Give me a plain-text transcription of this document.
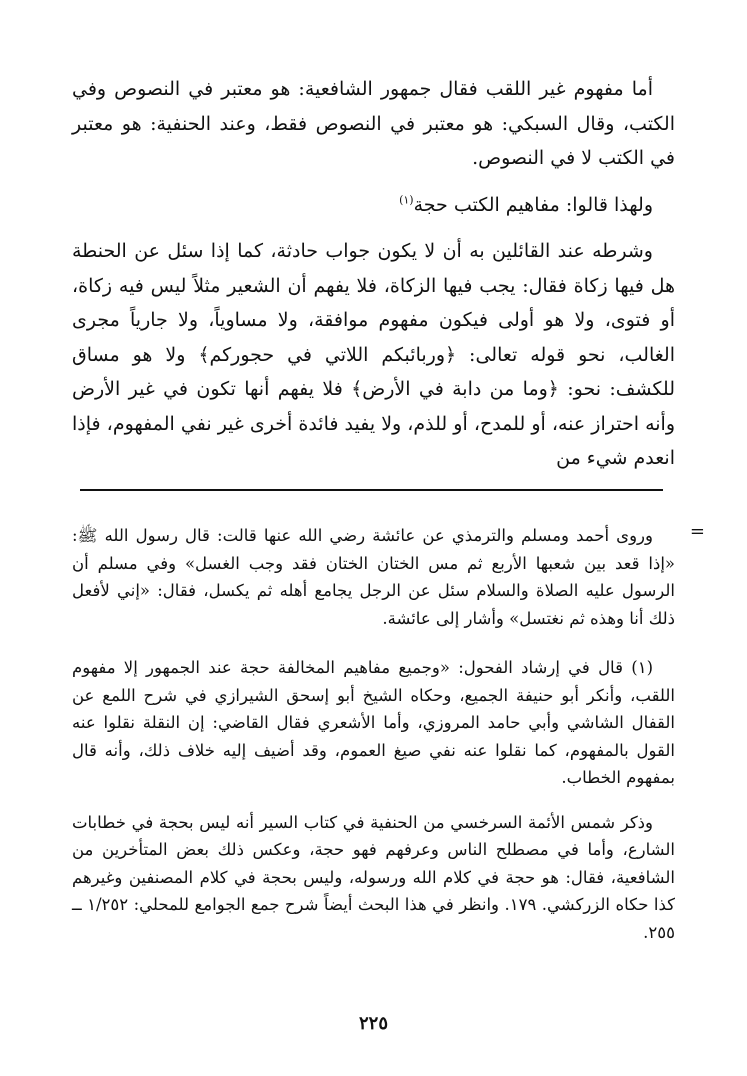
أما مفهوم غير اللقب فقال جمهور الشافعية: هو معتبر في النصوص وفي الكتب، وقال السبكي: هو معتبر في النصوص فقط، وعند الحنفية: هو معتبر في الكتب لا في النصوص.

ولهذا قالوا: مفاهيم الكتب حجة$^{(١)}$

وشرطه عند القائلين به أن لا يكون جواب حادثة، كما إذا سئل عن الحنطة هل فيها زكاة فقال: يجب فيها الزكاة، فلا يفهم أن الشعير مثلاً ليس فيه زكاة، أو فتوى، ولا هو أولى فيكون مفهوم موافقة، ولا مساوياً، ولا جارياً مجرى الغالب، نحو قوله تعالى: ﴿وربائبكم اللاتي في حجوركم﴾ ولا هو مساق للكشف: نحو: ﴿وما من دابة في الأرض﴾ فلا يفهم أنها تكون في غير الأرض وأنه احتراز عنه، أو للمدح، أو للذم، ولا يفيد فائدة أخرى غير نفي المفهوم، فإذا انعدم شيء من

=

وروى أحمد ومسلم والترمذي عن عائشة رضي الله عنها قالت: قال رسول الله ﷺ: «إذا قعد بين شعبها الأربع ثم مس الختان الختان فقد وجب الغسل» وفي مسلم أن الرسول عليه الصلاة والسلام سئل عن الرجل يجامع أهله ثم يكسل، فقال: «إني لأفعل ذلك أنا وهذه ثم نغتسل» وأشار إلى عائشة.

(١) قال في إرشاد الفحول: «وجميع مفاهيم المخالفة حجة عند الجمهور إلا مفهوم اللقب، وأنكر أبو حنيفة الجميع، وحكاه الشيخ أبو إسحق الشيرازي في شرح اللمع عن القفال الشاشي وأبي حامد المروزي، وأما الأشعري فقال القاضي: إن النقلة نقلوا عنه القول بالمفهوم، كما نقلوا عنه نفي صيغ العموم، وقد أضيف إليه خلاف ذلك، وأنه قال بمفهوم الخطاب.

وذكر شمس الأئمة السرخسي من الحنفية في كتاب السير أنه ليس بحجة في خطابات الشارع، وأما في مصطلح الناس وعرفهم فهو حجة، وعكس ذلك بعض المتأخرين من الشافعية، فقال: هو حجة في كلام الله ورسوله، وليس بحجة في كلام المصنفين وغيرهم كذا حكاه الزركشي. ١٧٩. وانظر في هذا البحث أيضاً شرح جمع الجوامع للمحلي: ١/٢٥٢ ــ ٢٥٥.

٢٢٥
